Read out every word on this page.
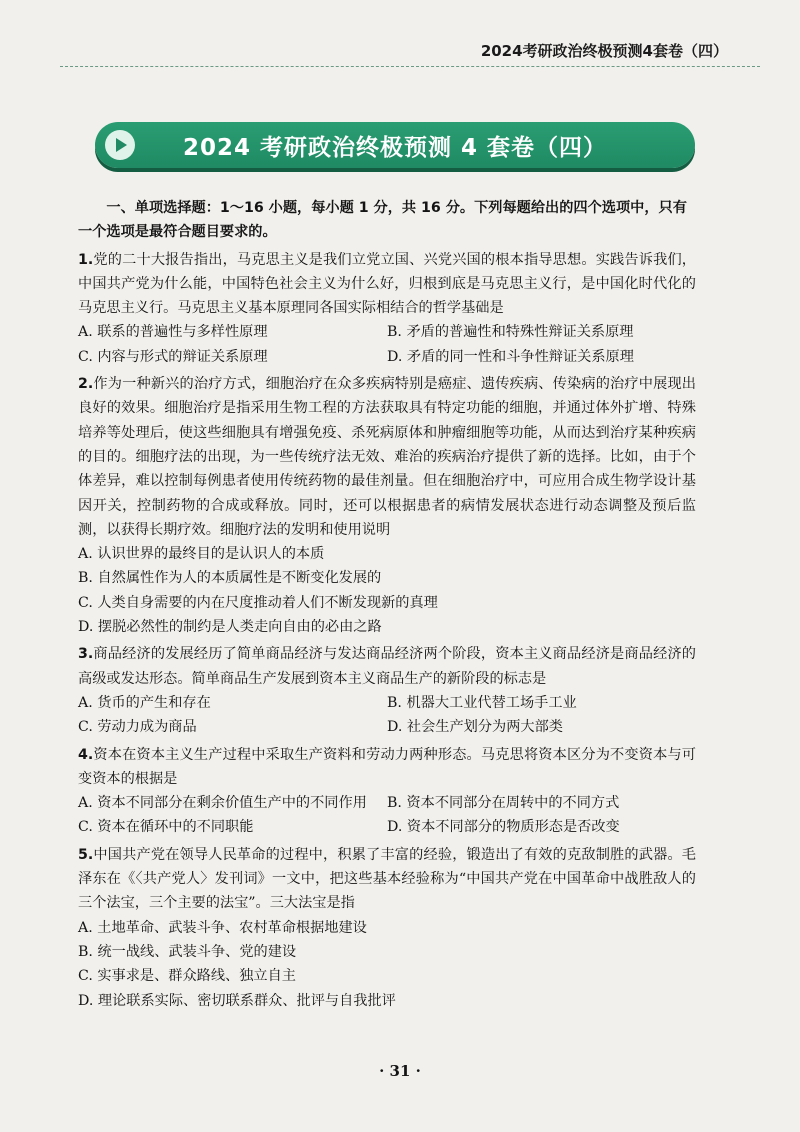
2024考研政治终极预测4套卷（四）
2024 考研政治终极预测 4 套卷（四）

一、单项选择题：1～16 小题，每小题 1 分，共 16 分。下列每题给出的四个选项中，只有一个选项是最符合题目要求的。

1.党的二十大报告指出，马克思主义是我们立党立国、兴党兴国的根本指导思想。实践告诉我们，中国共产党为什么能，中国特色社会主义为什么好，归根到底是马克思主义行，是中国化时代化的马克思主义行。马克思主义基本原理同各国实际相结合的哲学基础是

A. 联系的普遍性与多样性原理	B. 矛盾的普遍性和特殊性辩证关系原理
C. 内容与形式的辩证关系原理	D. 矛盾的同一性和斗争性辩证关系原理

2.作为一种新兴的治疗方式，细胞治疗在众多疾病特别是癌症、遗传疾病、传染病的治疗中展现出良好的效果。细胞治疗是指采用生物工程的方法获取具有特定功能的细胞，并通过体外扩增、特殊培养等处理后，使这些细胞具有增强免疫、杀死病原体和肿瘤细胞等功能，从而达到治疗某种疾病的目的。细胞疗法的出现，为一些传统疗法无效、难治的疾病治疗提供了新的选择。比如，由于个体差异，难以控制每例患者使用传统药物的最佳剂量。但在细胞治疗中，可应用合成生物学设计基因开关，控制药物的合成或释放。同时，还可以根据患者的病情发展状态进行动态调整及预后监测，以获得长期疗效。细胞疗法的发明和使用说明

A. 认识世界的最终目的是认识人的本质
B. 自然属性作为人的本质属性是不断变化发展的
C. 人类自身需要的内在尺度推动着人们不断发现新的真理
D. 摆脱必然性的制约是人类走向自由的必由之路

3.商品经济的发展经历了简单商品经济与发达商品经济两个阶段，资本主义商品经济是商品经济的高级或发达形态。简单商品生产发展到资本主义商品生产的新阶段的标志是

A. 货币的产生和存在	B. 机器大工业代替工场手工业
C. 劳动力成为商品	D. 社会生产划分为两大部类

4.资本在资本主义生产过程中采取生产资料和劳动力两种形态。马克思将资本区分为不变资本与可变资本的根据是

A. 资本不同部分在剩余价值生产中的不同作用	B. 资本不同部分在周转中的不同方式
C. 资本在循环中的不同职能	D. 资本不同部分的物质形态是否改变

5.中国共产党在领导人民革命的过程中，积累了丰富的经验，锻造出了有效的克敌制胜的武器。毛泽东在《〈共产党人〉发刊词》一文中，把这些基本经验称为“中国共产党在中国革命中战胜敌人的三个法宝，三个主要的法宝”。三大法宝是指

A. 土地革命、武装斗争、农村革命根据地建设
B. 统一战线、武装斗争、党的建设
C. 实事求是、群众路线、独立自主
D. 理论联系实际、密切联系群众、批评与自我批评
· 31 ·
